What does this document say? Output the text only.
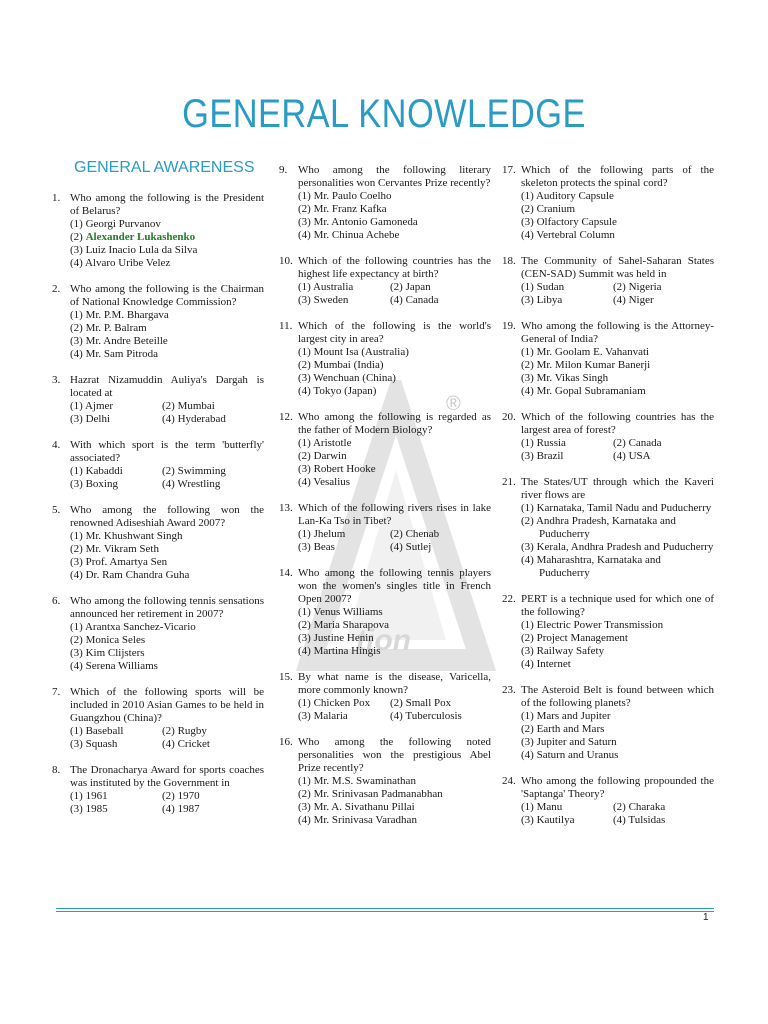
GENERAL KNOWLEDGE
GENERAL AWARENESS
®
tion
1. Who among the following is the President of Belarus?

(1) Georgi Purvanov
(2) Alexander Lukashenko
(3) Luiz Inacio Lula da Silva
(4) Alvaro Uribe Velez
2. Who among the following is the Chairman of National Knowledge Commission?

(1) Mr. P.M. Bhargava
(2) Mr. P. Balram
(3) Mr. Andre Beteille
(4) Mr. Sam Pitroda
3. Hazrat Nizamuddin Auliya's Dargah is located at

(1) Ajmer	(2) Mumbai
(3) Delhi	(4) Hyderabad
4. With which sport is the term 'butterfly' associated?

(1) Kabaddi	(2) Swimming
(3) Boxing	(4) Wrestling
5. Who among the following won the renowned Adiseshiah Award 2007?

(1) Mr. Khushwant Singh
(2) Mr. Vikram Seth
(3) Prof. Amartya Sen
(4) Dr. Ram Chandra Guha
6. Who among the following tennis sensations announced her retirement in 2007?

(1) Arantxa Sanchez-Vicario
(2) Monica Seles
(3) Kim Clijsters
(4) Serena Williams
7. Which of the following sports will be included in 2010 Asian Games to be held in Guangzhou (China)?

(1) Baseball	(2) Rugby
(3) Squash	(4) Cricket
8. The Dronacharya Award for sports coaches was instituted by the Government in

(1) 1961	(2) 1970
(3) 1985	(4) 1987
9. Who among the following literary personalities won Cervantes Prize recently?

(1) Mr. Paulo Coelho
(2) Mr. Franz Kafka
(3) Mr. Antonio Gamoneda
(4) Mr. Chinua Achebe
10. Which of the following countries has the highest life expectancy at birth?

(1) Australia	(2) Japan
(3) Sweden	(4) Canada
11. Which of the following is the world's largest city in area?

(1) Mount Isa (Australia)
(2) Mumbai (India)
(3) Wenchuan (China)
(4) Tokyo (Japan)
12. Who among the following is regarded as the father of Modern Biology?

(1) Aristotle
(2) Darwin
(3) Robert Hooke
(4) Vesalius
13. Which of the following rivers rises in lake Lan-Ka Tso in Tibet?

(1) Jhelum	(2) Chenab
(3) Beas	(4) Sutlej
14. Who among the following tennis players won the women's singles title in French Open 2007?

(1) Venus Williams
(2) Maria Sharapova
(3) Justine Henin
(4) Martina Hingis
15. By what name is the disease, Varicella, more commonly known?

(1) Chicken Pox	(2) Small Pox
(3) Malaria	(4) Tuberculosis
16. Who among the following noted personalities won the prestigious Abel Prize recently?

(1) Mr. M.S. Swaminathan
(2) Mr. Srinivasan Padmanabhan
(3) Mr. A. Sivathanu Pillai
(4) Mr. Srinivasa Varadhan
17. Which of the following parts of the skeleton protects the spinal cord?

(1) Auditory Capsule
(2) Cranium
(3) Olfactory Capsule
(4) Vertebral Column
18. The Community of Sahel-Saharan States (CEN-SAD) Summit was held in

(1) Sudan	(2) Nigeria
(3) Libya	(4) Niger
19. Who among the following is the Attorney-General of India?

(1) Mr. Goolam E. Vahanvati
(2) Mr. Milon Kumar Banerji
(3) Mr. Vikas Singh
(4) Mr. Gopal Subramaniam
20. Which of the following countries has the largest area of forest?

(1) Russia	(2) Canada
(3) Brazil	(4) USA
21. The States/UT through which the Kaveri river flows are

(1) Karnataka, Tamil Nadu and Puducherry
(2) Andhra Pradesh, Karnataka and Puducherry
(3) Kerala, Andhra Pradesh and Puducherry
(4) Maharashtra, Karnataka and Puducherry
22. PERT is a technique used for which one of the following?

(1) Electric Power Transmission
(2) Project Management
(3) Railway Safety
(4) Internet
23. The Asteroid Belt is found between which of the following planets?

(1) Mars and Jupiter
(2) Earth and Mars
(3) Jupiter and Saturn
(4) Saturn and Uranus
24. Who among the following propounded the 'Saptanga' Theory?

(1) Manu	(2) Charaka
(3) Kautilya	(4) Tulsidas
1
